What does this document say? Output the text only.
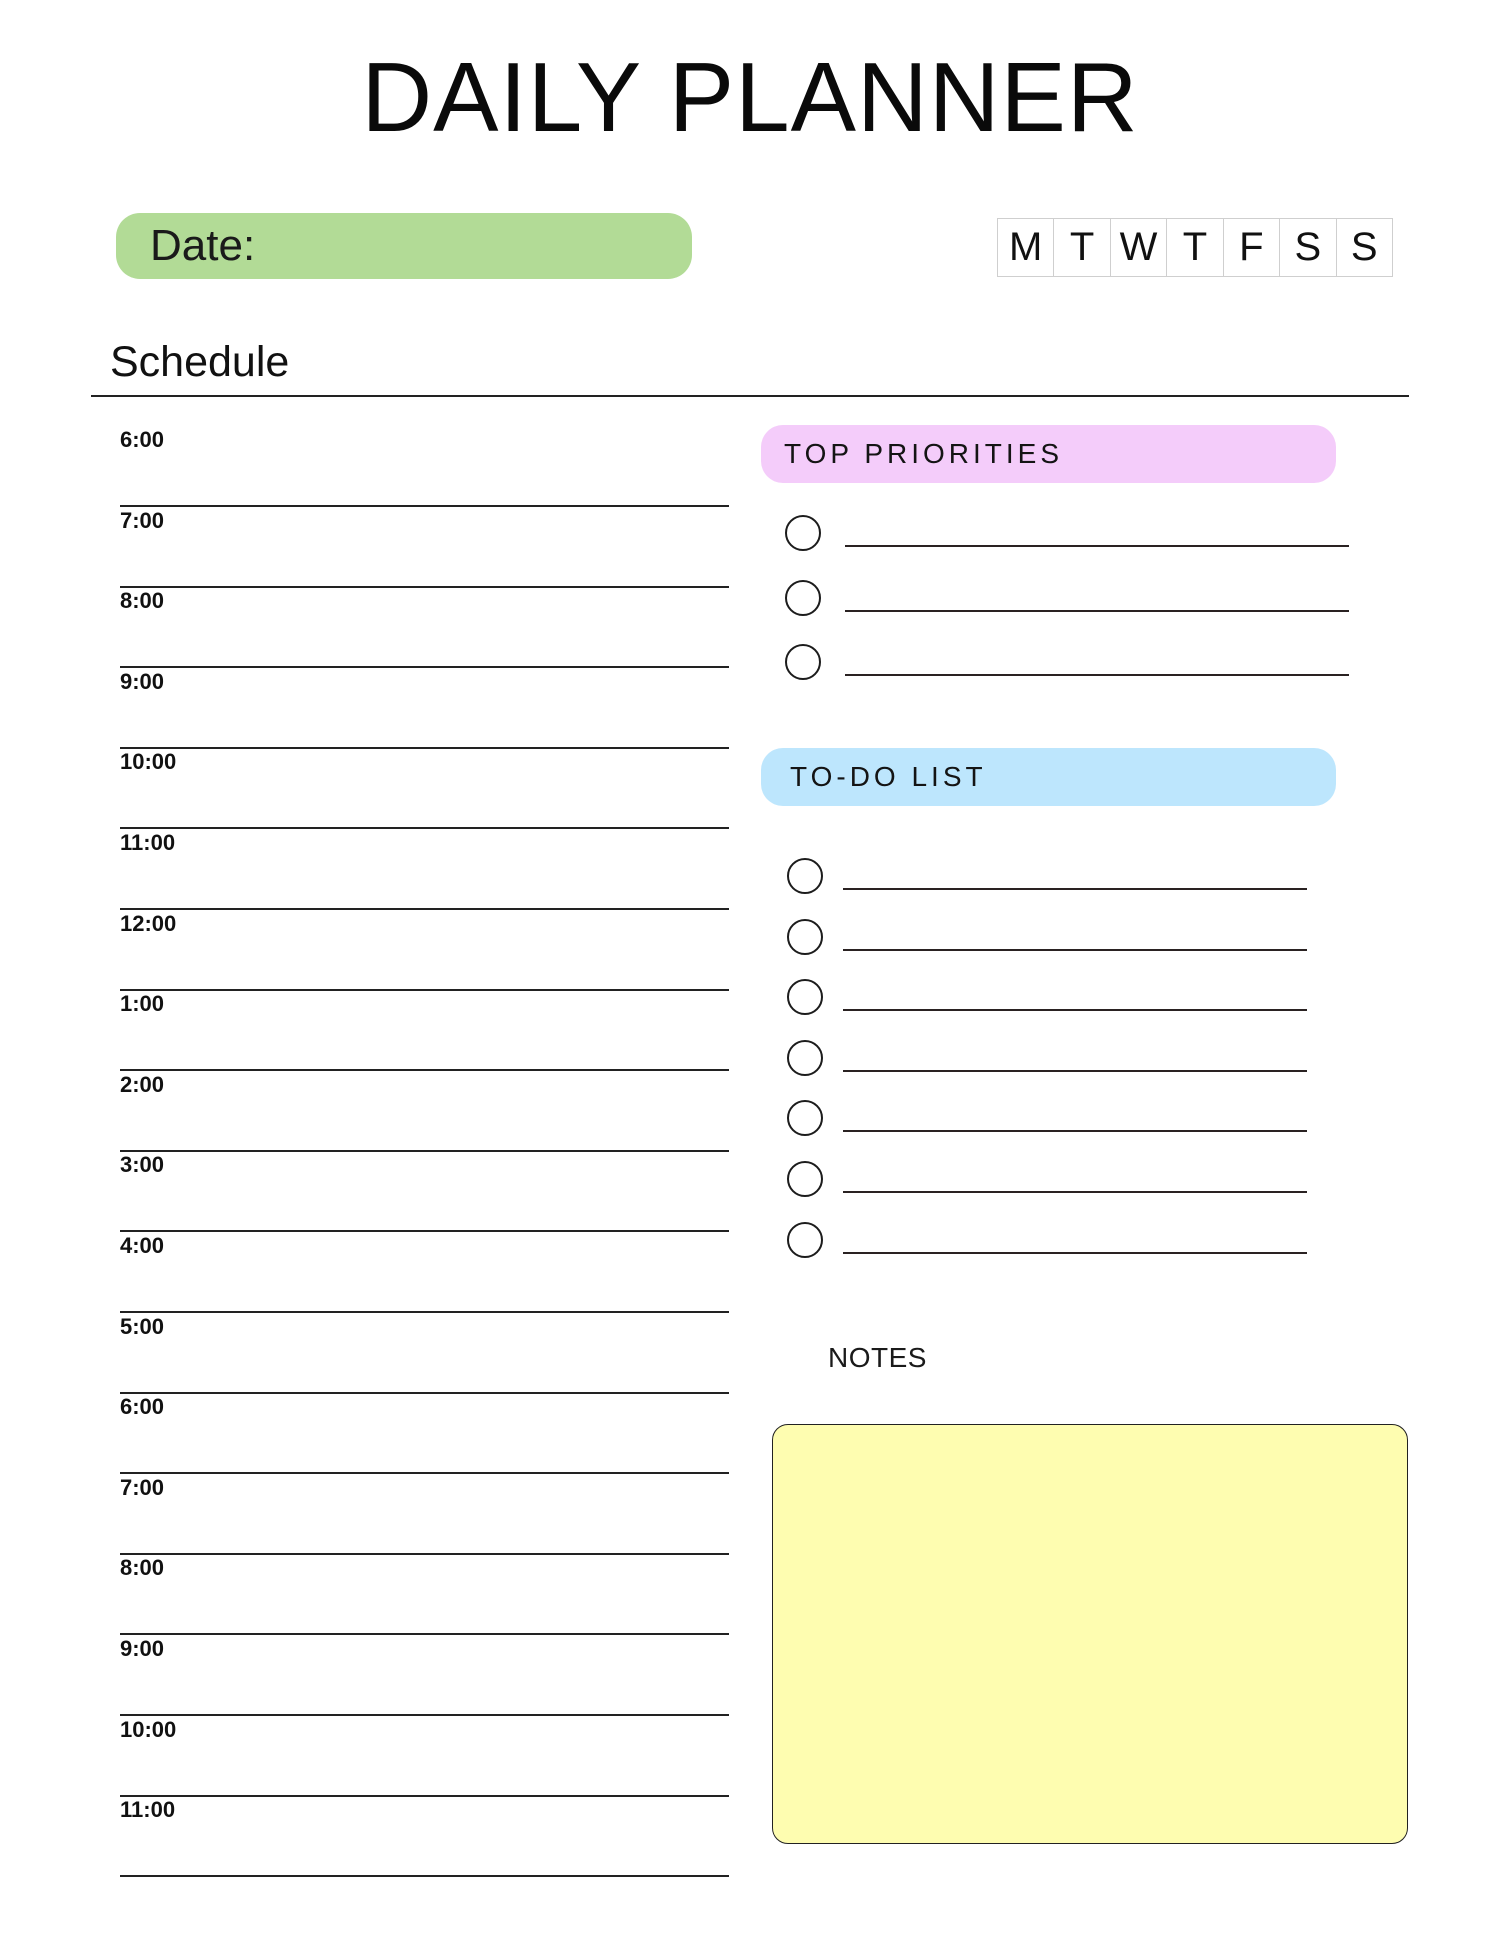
DAILY PLANNER
Date:	M T W T F S S
Schedule
6:00
7:00
8:00
9:00
10:00
11:00
12:00
1:00
2:00
3:00
4:00
5:00
6:00
7:00
8:00
9:00
10:00
11:00
TOP PRIORITIES
TO-DO LIST
NOTES
